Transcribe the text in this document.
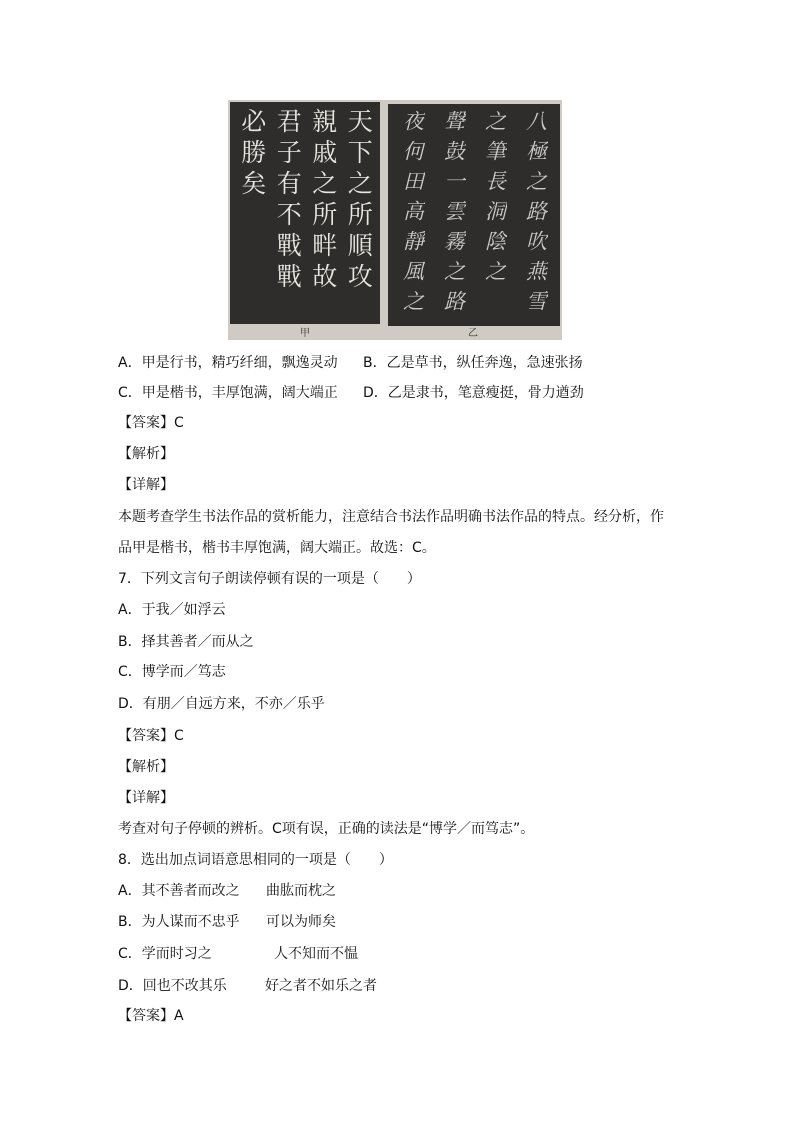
天下之所順攻
親戚之所畔故
君子有不戰戰
必勝矣	八極之路吹燕雪
之筆長洞陰之
聲鼓一雲霧之路
夜何田高靜風之
甲	乙
A．甲是行书，精巧纤细，飘逸灵动 B．乙是草书，纵任奔逸，急速张扬
C．甲是楷书，丰厚饱满，阔大端正 D．乙是隶书，笔意瘦挺，骨力遒劲
【答案】C
【解析】
【详解】
本题考查学生书法作品的赏析能力，注意结合书法作品明确书法作品的特点。经分析，作
品甲是楷书，楷书丰厚饱满，阔大端正。故选：C。
7．下列文言句子朗读停顿有误的一项是（　　）
A．于我／如浮云
B．择其善者／而从之
C．博学而／笃志
D．有朋／自远方来，不亦／乐乎
【答案】C
【解析】
【详解】
考查对句子停顿的辨析。C项有误，正确的读法是“博学／而笃志”。
8．选出加点词语意思相同的一项是（　　）
A．其不善者而改之 曲肱而枕之
B．为人谋而不忠乎 可以为师矣
C．学而时习之	人不知而不愠
D．回也不改其乐	好之者不如乐之者
【答案】A
